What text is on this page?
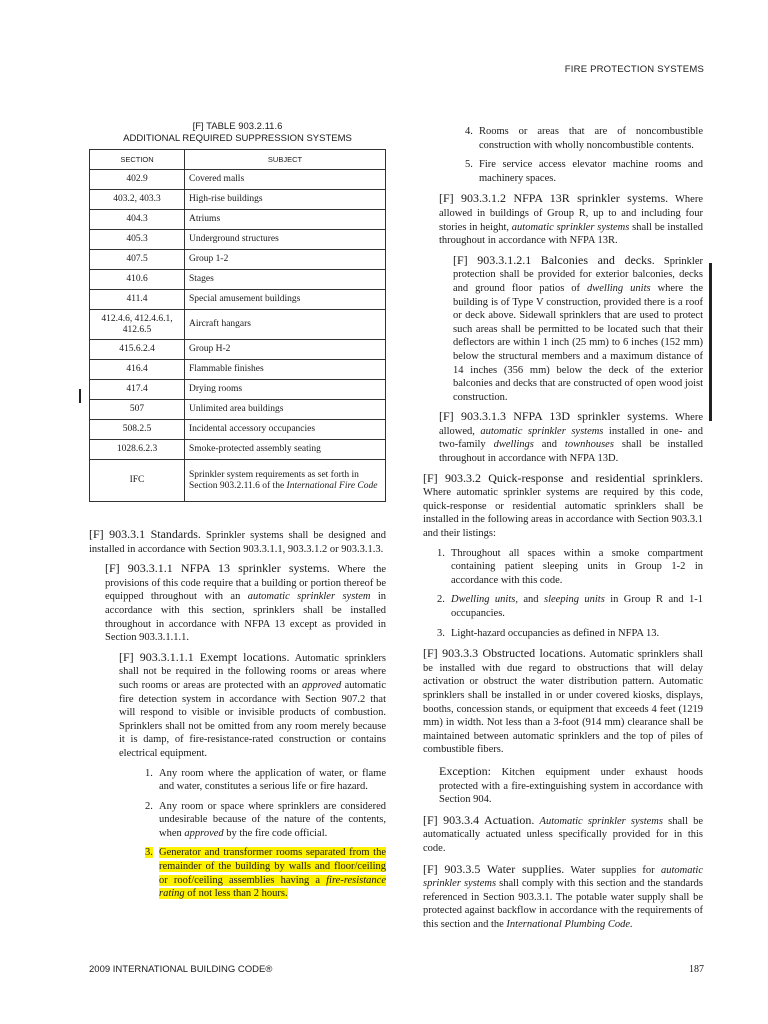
FIRE PROTECTION SYSTEMS
[F] TABLE 903.2.11.6
ADDITIONAL REQUIRED SUPPRESSION SYSTEMS
SECTION	SUBJECT
402.9	Covered malls
403.2, 403.3	High-rise buildings
404.3	Atriums
405.3	Underground structures
407.5	Group 1-2
410.6	Stages
411.4	Special amusement buildings
412.4.6, 412.4.6.1, 412.6.5	Aircraft hangars
415.6.2.4	Group H-2
416.4	Flammable finishes
417.4	Drying rooms
507	Unlimited area buildings
508.2.5	Incidental accessory occupancies
1028.6.2.3	Smoke-protected assembly seating
IFC	Sprinkler system requirements as set forth in Section 903.2.11.6 of the International Fire Code

[F] 903.3.1 Standards. Sprinkler systems shall be designed and installed in accordance with Section 903.3.1.1, 903.3.1.2 or 903.3.1.3.

[F] 903.3.1.1 NFPA 13 sprinkler systems. Where the provisions of this code require that a building or portion thereof be equipped throughout with an automatic sprinkler system in accordance with this section, sprinklers shall be installed throughout in accordance with NFPA 13 except as provided in Section 903.3.1.1.1.

[F] 903.3.1.1.1 Exempt locations. Automatic sprinklers shall not be required in the following rooms or areas where such rooms or areas are protected with an approved automatic fire detection system in accordance with Section 907.2 that will respond to visible or invisible products of combustion. Sprinklers shall not be omitted from any room merely because it is damp, of fire-resistance-rated construction or contains electrical equipment.

1. Any room where the application of water, or flame and water, constitutes a serious life or fire hazard.
2. Any room or space where sprinklers are considered undesirable because of the nature of the contents, when approved by the fire code official.
3. Generator and transformer rooms separated from the remainder of the building by walls and floor/ceiling or roof/ceiling assemblies having a fire-resistance rating of not less than 2 hours.
4. Rooms or areas that are of noncombustible construction with wholly noncombustible contents.
5. Fire service access elevator machine rooms and machinery spaces.

[F] 903.3.1.2 NFPA 13R sprinkler systems. Where allowed in buildings of Group R, up to and including four stories in height, automatic sprinkler systems shall be installed throughout in accordance with NFPA 13R.

[F] 903.3.1.2.1 Balconies and decks. Sprinkler protection shall be provided for exterior balconies, decks and ground floor patios of dwelling units where the building is of Type V construction, provided there is a roof or deck above. Sidewall sprinklers that are used to protect such areas shall be permitted to be located such that their deflectors are within 1 inch (25 mm) to 6 inches (152 mm) below the structural members and a maximum distance of 14 inches (356 mm) below the deck of the exterior balconies and decks that are constructed of open wood joist construction.

[F] 903.3.1.3 NFPA 13D sprinkler systems. Where allowed, automatic sprinkler systems installed in one- and two-family dwellings and townhouses shall be installed throughout in accordance with NFPA 13D.

[F] 903.3.2 Quick-response and residential sprinklers. Where automatic sprinkler systems are required by this code, quick-response or residential automatic sprinklers shall be installed in the following areas in accordance with Section 903.3.1 and their listings:

1. Throughout all spaces within a smoke compartment containing patient sleeping units in Group 1-2 in accordance with this code.
2. Dwelling units, and sleeping units in Group R and 1-1 occupancies.
3. Light-hazard occupancies as defined in NFPA 13.

[F] 903.3.3 Obstructed locations. Automatic sprinklers shall be installed with due regard to obstructions that will delay activation or obstruct the water distribution pattern. Automatic sprinklers shall be installed in or under covered kiosks, displays, booths, concession stands, or equipment that exceeds 4 feet (1219 mm) in width. Not less than a 3-foot (914 mm) clearance shall be maintained between automatic sprinklers and the top of piles of combustible fibers.

Exception: Kitchen equipment under exhaust hoods protected with a fire-extinguishing system in accordance with Section 904.

[F] 903.3.4 Actuation. Automatic sprinkler systems shall be automatically actuated unless specifically provided for in this code.

[F] 903.3.5 Water supplies. Water supplies for automatic sprinkler systems shall comply with this section and the standards referenced in Section 903.3.1. The potable water supply shall be protected against backflow in accordance with the requirements of this section and the International Plumbing Code.

2009 INTERNATIONAL BUILDING CODE®	187
